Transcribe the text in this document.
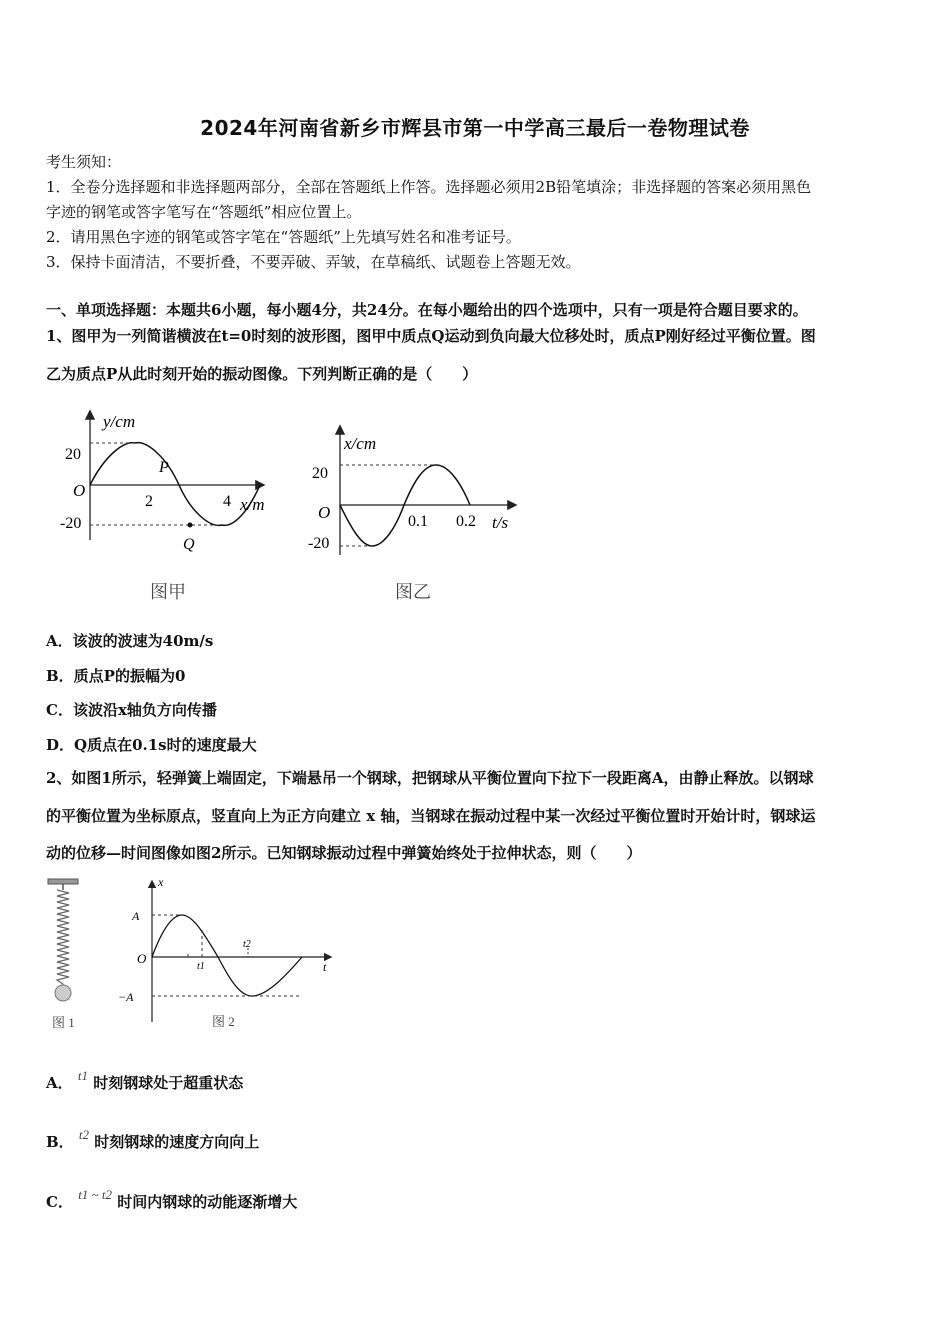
2024年河南省新乡市辉县市第一中学高三最后一卷物理试卷
考生须知：
1．全卷分选择题和非选择题两部分，全部在答题纸上作答。选择题必须用2B铅笔填涂；非选择题的答案必须用黑色
字迹的钢笔或答字笔写在“答题纸”相应位置上。
2．请用黑色字迹的钢笔或答字笔在“答题纸”上先填写姓名和准考证号。
3．保持卡面清洁，不要折叠，不要弄破、弄皱，在草稿纸、试题卷上答题无效。
一、单项选择题：本题共6小题，每小题4分，共24分。在每小题给出的四个选项中，只有一项是符合题目要求的。
1、图甲为一列简谐横波在t=0时刻的波形图，图甲中质点Q运动到负向最大位移处时，质点P刚好经过平衡位置。图
乙为质点P从此时刻开始的振动图像。下列判断正确的是（　　）
y/cm
20
-20
O
2	4 x/m
P
Q
图甲
x/cm
20
-20
O	0.1 0.2 t/s
图乙
A．该波的波速为40m/s
B．质点P的振幅为0
C．该波沿x轴负方向传播
D．Q质点在0.1s时的速度最大
2、如图1所示，轻弹簧上端固定，下端悬吊一个钢球，把钢球从平衡位置向下拉下一段距离A，由静止释放。以钢球
的平衡位置为坐标原点，竖直向上为正方向建立 x 轴，当钢球在振动过程中某一次经过平衡位置时开始计时，钢球运
动的位移—时间图像如图2所示。已知钢球振动过程中弹簧始终处于拉伸状态，则（　　）
图 1
x
A
−A
O
t1
t2
t
图 2
A． t1 时刻钢球处于超重状态
B． t2 时刻钢球的速度方向向上
C． t1 ~ t2 时间内钢球的动能逐渐增大
